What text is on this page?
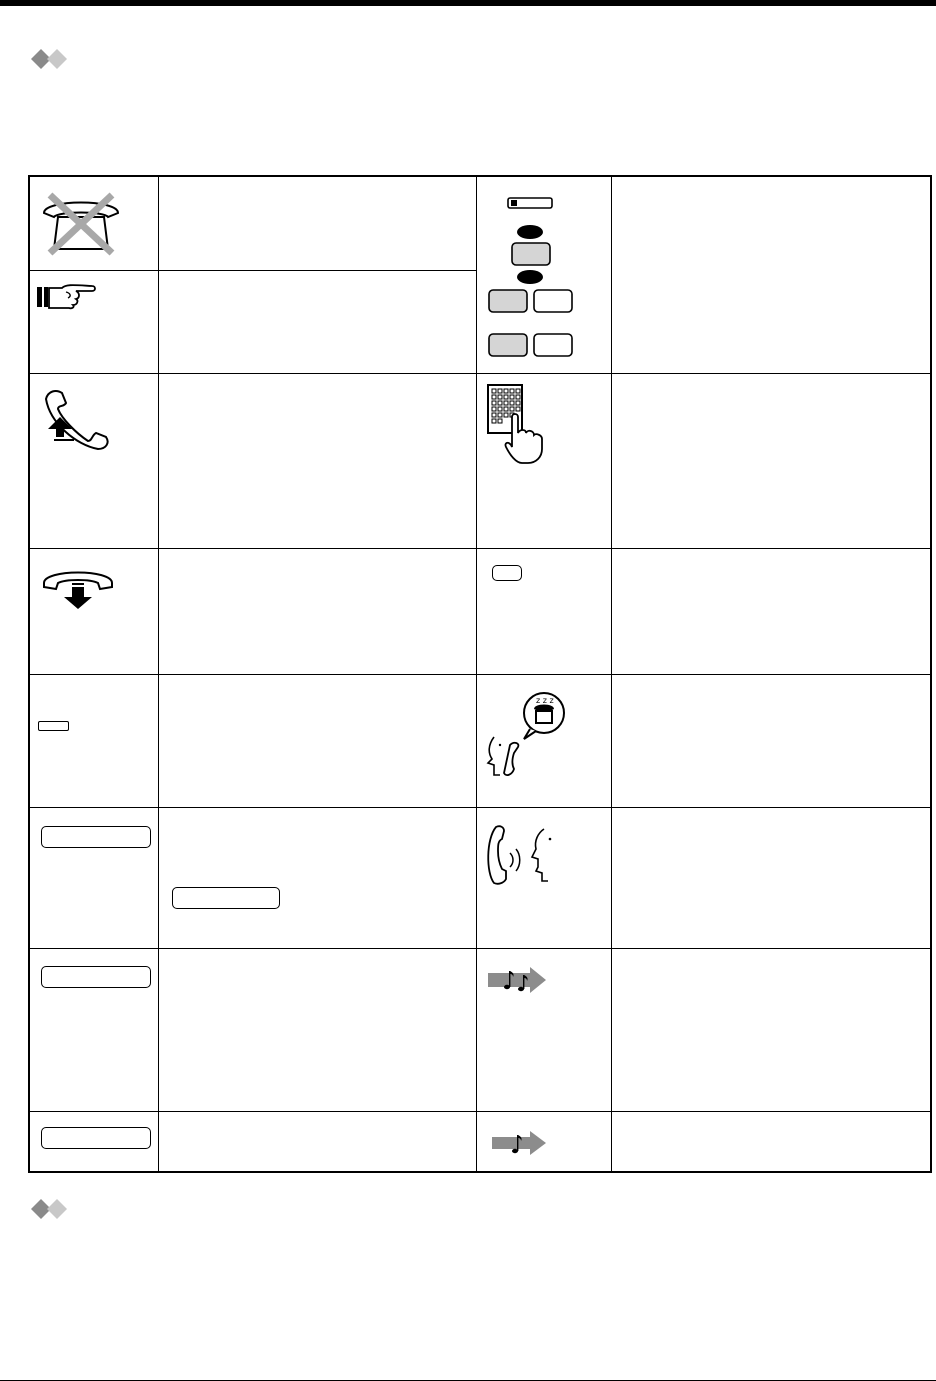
z z z
